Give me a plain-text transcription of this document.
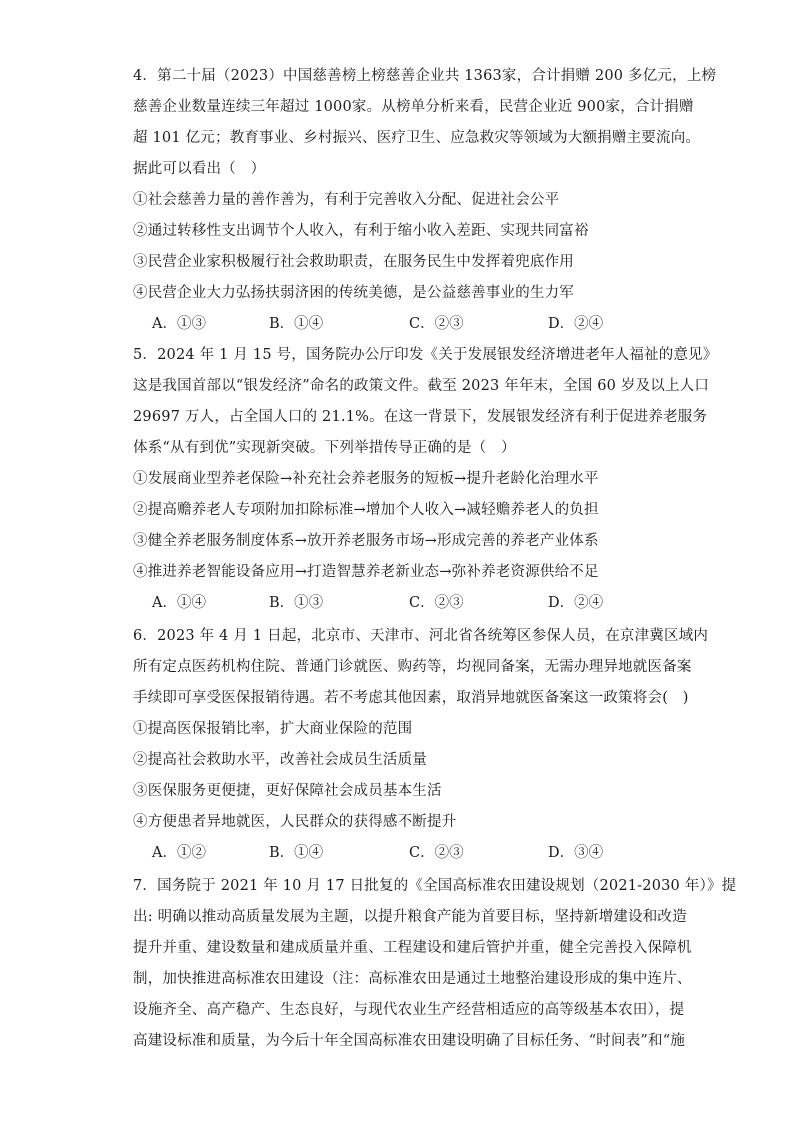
4．第二十届（2023）中国慈善榜上榜慈善企业共 1363家，合计捐赠 200 多亿元，上榜
慈善企业数量连续三年超过 1000家。从榜单分析来看，民营企业近 900家，合计捐赠
超 101 亿元；教育事业、乡村振兴、医疗卫生、应急救灾等领域为大额捐赠主要流向。
据此可以看出（　）
①社会慈善力量的善作善为，有利于完善收入分配、促进社会公平
②通过转移性支出调节个人收入，有利于缩小收入差距、实现共同富裕
③民营企业家积极履行社会救助职责，在服务民生中发挥着兜底作用
④民营企业大力弘扬扶弱济困的传统美德，是公益慈善事业的生力军
A．①③	B．①④	C．②③	D．②④
5．2024 年 1 月 15 号，国务院办公厅印发《关于发展银发经济增进老年人福祉的意见》
这是我国首部以“银发经济”命名的政策文件。截至 2023 年年末，全国 60 岁及以上人口
29697 万人，占全国人口的 21.1%。在这一背景下，发展银发经济有利于促进养老服务
体系“从有到优”实现新突破。下列举措传导正确的是（　）
①发展商业型养老保险→补充社会养老服务的短板→提升老龄化治理水平
②提高赡养老人专项附加扣除标准→增加个人收入→减轻赡养老人的负担
③健全养老服务制度体系→放开养老服务市场→形成完善的养老产业体系
④推进养老智能设备应用→打造智慧养老新业态→弥补养老资源供给不足
A．①④	B．①③	C．②③	D．②④
6．2023 年 4 月 1 日起，北京市、天津市、河北省各统筹区参保人员，在京津冀区域内
所有定点医药机构住院、普通门诊就医、购药等，均视同备案，无需办理异地就医备案
手续即可享受医保报销待遇。若不考虑其他因素，取消异地就医备案这一政策将会(　)
①提高医保报销比率，扩大商业保险的范围
②提高社会救助水平，改善社会成员生活质量
③医保服务更便捷，更好保障社会成员基本生活
④方便患者异地就医，人民群众的获得感不断提升
A．①②	B．①④	C．②③	D．③④
7．国务院于 2021 年 10 月 17 日批复的《全国高标准农田建设规划（2021-2030 年）》提
出: 明确以推动高质量发展为主题，以提升粮食产能为首要目标，坚持新增建设和改造
提升并重、建设数量和建成质量并重、工程建设和建后管护并重，健全完善投入保障机
制，加快推进高标准农田建设（注：高标准农田是通过土地整治建设形成的集中连片、
设施齐全、高产稳产、生态良好，与现代农业生产经营相适应的高等级基本农田），提
高建设标准和质量，为今后十年全国高标准农田建设明确了目标任务、“时间表”和“施
